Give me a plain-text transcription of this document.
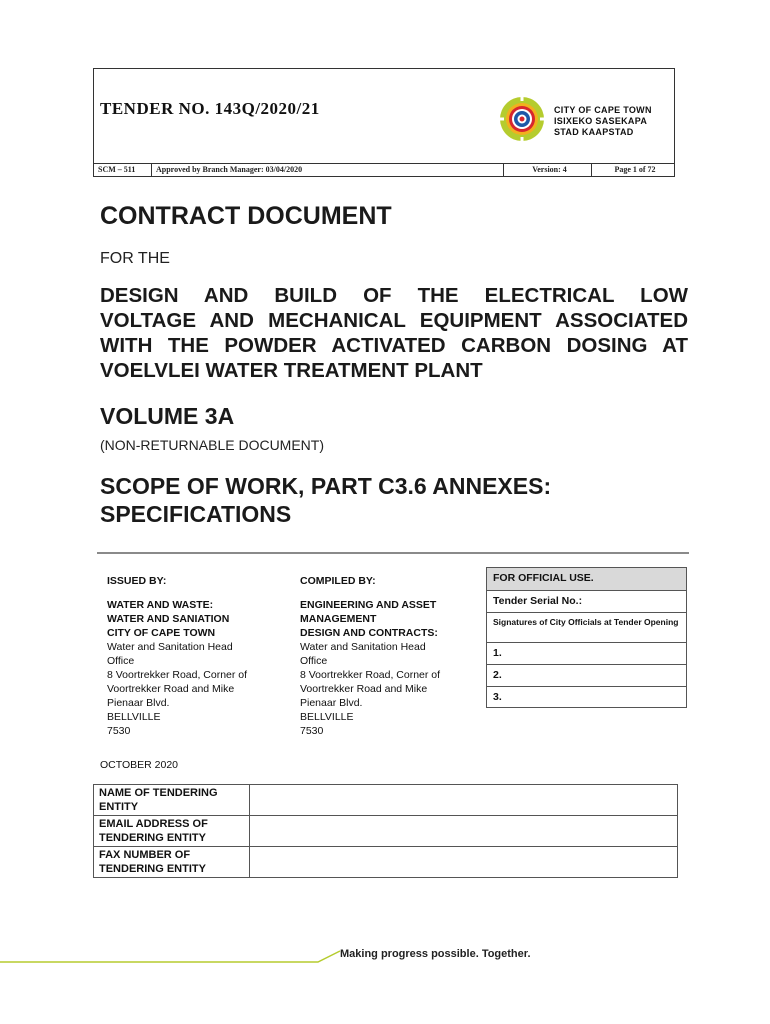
TENDER NO. 143Q/2020/21	CITY OF CAPE TOWN
ISIXEKO SASEKAPA
STAD KAAPSTAD
SCM – 511	Approved by Branch Manager: 03/04/2020	Version: 4	Page 1 of 72
CONTRACT DOCUMENT
FOR THE
DESIGN AND BUILD OF THE ELECTRICAL LOW
VOLTAGE AND MECHANICAL EQUIPMENT ASSOCIATED
WITH THE POWDER ACTIVATED CARBON DOSING AT
VOELVLEI WATER TREATMENT PLANT
VOLUME 3A
(NON-RETURNABLE DOCUMENT)
SCOPE OF WORK, PART C3.6 ANNEXES:
SPECIFICATIONS
ISSUED BY:
WATER AND WASTE:
WATER AND SANIATION
CITY OF CAPE TOWN
Water and Sanitation Head
Office
8 Voortrekker Road, Corner of
Voortrekker Road and Mike
Pienaar Blvd.
BELLVILLE
7530
COMPILED BY:
ENGINEERING AND ASSET
MANAGEMENT
DESIGN AND CONTRACTS:
Water and Sanitation Head
Office
8 Voortrekker Road, Corner of
Voortrekker Road and Mike
Pienaar Blvd.
BELLVILLE
7530
FOR OFFICIAL USE.
Tender Serial No.:
Signatures of City Officials at Tender Opening
1.
2.
3.
OCTOBER 2020
NAME OF TENDERING ENTITY	
EMAIL ADDRESS OF TENDERING ENTITY	
FAX NUMBER OF TENDERING ENTITY	
Making progress possible. Together.
